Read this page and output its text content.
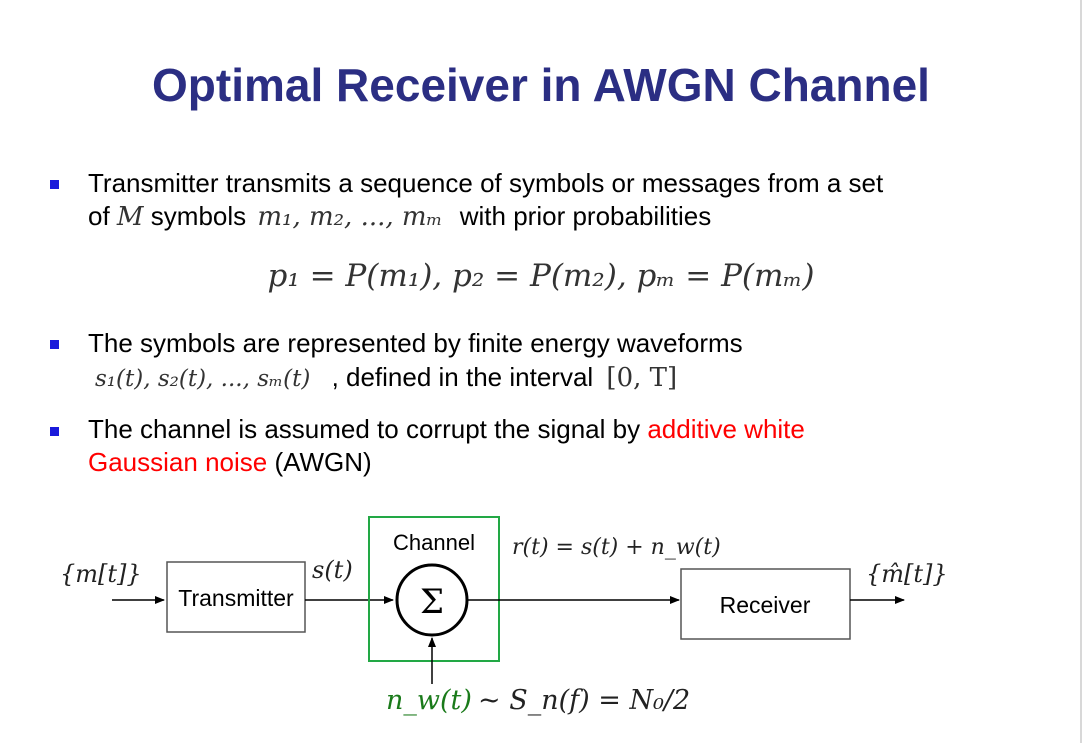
Optimal Receiver in AWGN Channel
Transmitter transmits a sequence of symbols or messages from a set
of M symbols m₁, m₂, ..., mₘ with prior probabilities
p₁ = P(m₁), p₂ = P(m₂), pₘ = P(mₘ)
The symbols are represented by finite energy waveforms
s₁(t), s₂(t), ..., sₘ(t) , defined in the interval [0, T]
The channel is assumed to corrupt the signal by additive white
Gaussian noise (AWGN)
{m[t]}
Transmitter
s(t)
Channel
Σ
r(t) = s(t) + n_w(t)
Receiver
{m̂[t]}
n_w(t) ~ S_n(f) = N₀/2
